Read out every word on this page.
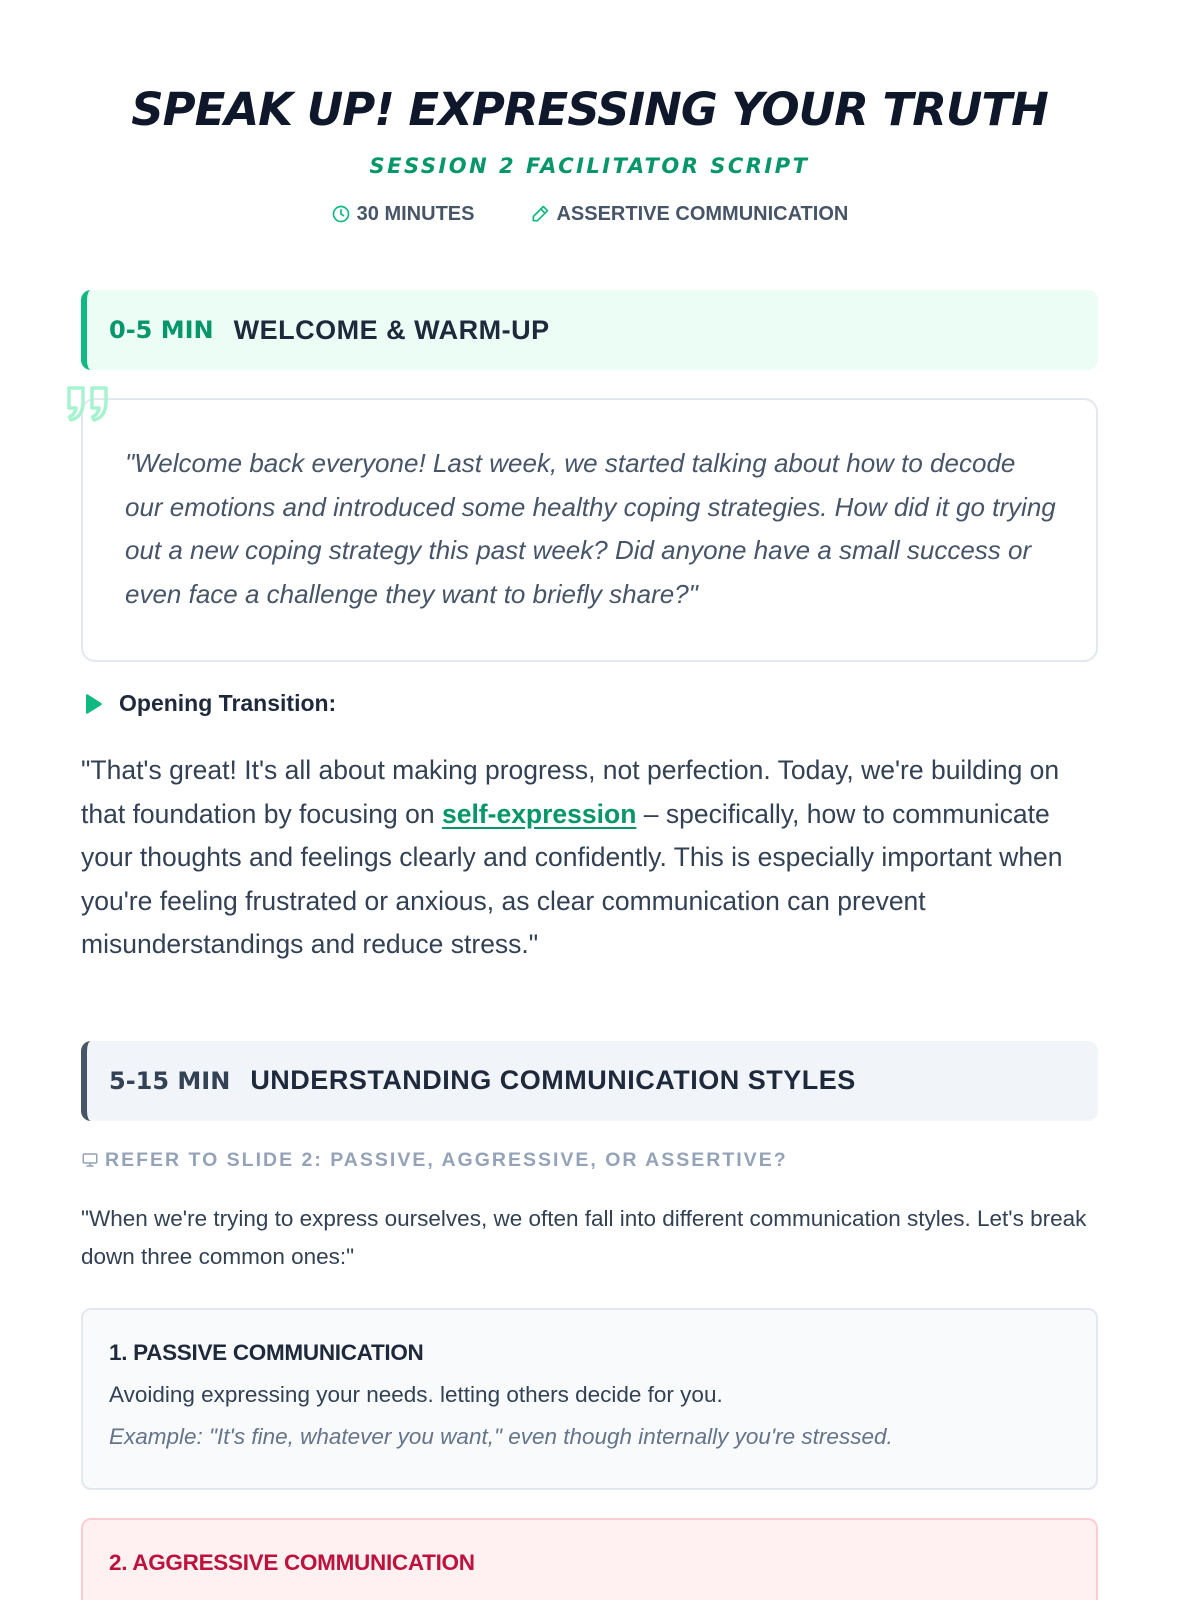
SPEAK UP! EXPRESSING YOUR TRUTH
SESSION 2 FACILITATOR SCRIPT
30 MINUTES	ASSERTIVE COMMUNICATION
0-5 MIN WELCOME & WARM-UP
"Welcome back everyone! Last week, we started talking about how to decode our emotions and introduced some healthy coping strategies. How did it go trying out a new coping strategy this past week? Did anyone have a small success or even face a challenge they want to briefly share?"
Opening Transition:

"That's great! It's all about making progress, not perfection. Today, we're building on that foundation by focusing on self-expression – specifically, how to communicate your thoughts and feelings clearly and confidently. This is especially important when you're feeling frustrated or anxious, as clear communication can prevent misunderstandings and reduce stress."

5-15 MIN UNDERSTANDING COMMUNICATION STYLES
REFER TO SLIDE 2: PASSIVE, AGGRESSIVE, OR ASSERTIVE?

"When we're trying to express ourselves, we often fall into different communication styles. Let's break down three common ones:"

1. PASSIVE COMMUNICATION
Avoiding expressing your needs. letting others decide for you.
Example: "It's fine, whatever you want," even though internally you're stressed.
2. AGGRESSIVE COMMUNICATION
